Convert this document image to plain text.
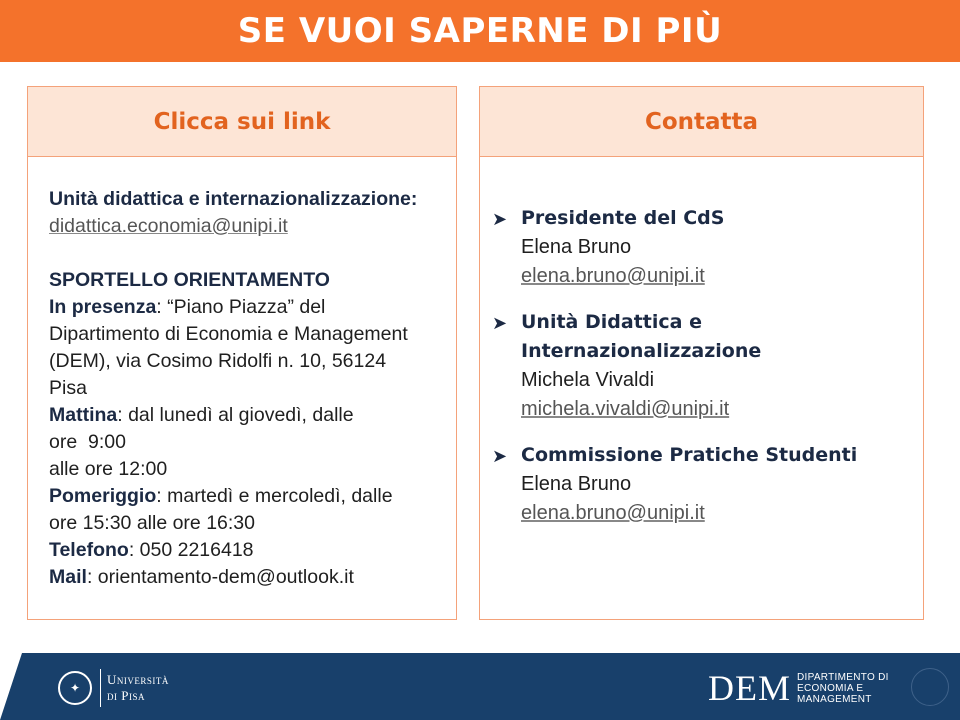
SE VUOI SAPERNE DI PIÙ
Clicca sui link

Unità didattica e internazionalizzazione:

didattica.economia@unipi.it

SPORTELLO ORIENTAMENTO

In presenza: “Piano Piazza” del

Dipartimento di Economia e Management

(DEM), via Cosimo Ridolfi n. 10, 56124

Pisa

Mattina: dal lunedì al giovedì, dalle

ore  9:00

alle ore 12:00

Pomeriggio: martedì e mercoledì, dalle

ore 15:30 alle ore 16:30

Telefono: 050 2216418

Mail: orientamento-dem@outlook.it

Contatta
➤ Presidente del CdS
Elena Bruno
elena.bruno@unipi.it
➤ Unità Didattica e
Internazionalizzazione
Michela Vivaldi
michela.vivaldi@unipi.it
➤ Commissione Pratiche Studenti
Elena Bruno
elena.bruno@unipi.it
✦
Università
di Pisa	DEM DIPARTIMENTO DI
ECONOMIA E
MANAGEMENT
